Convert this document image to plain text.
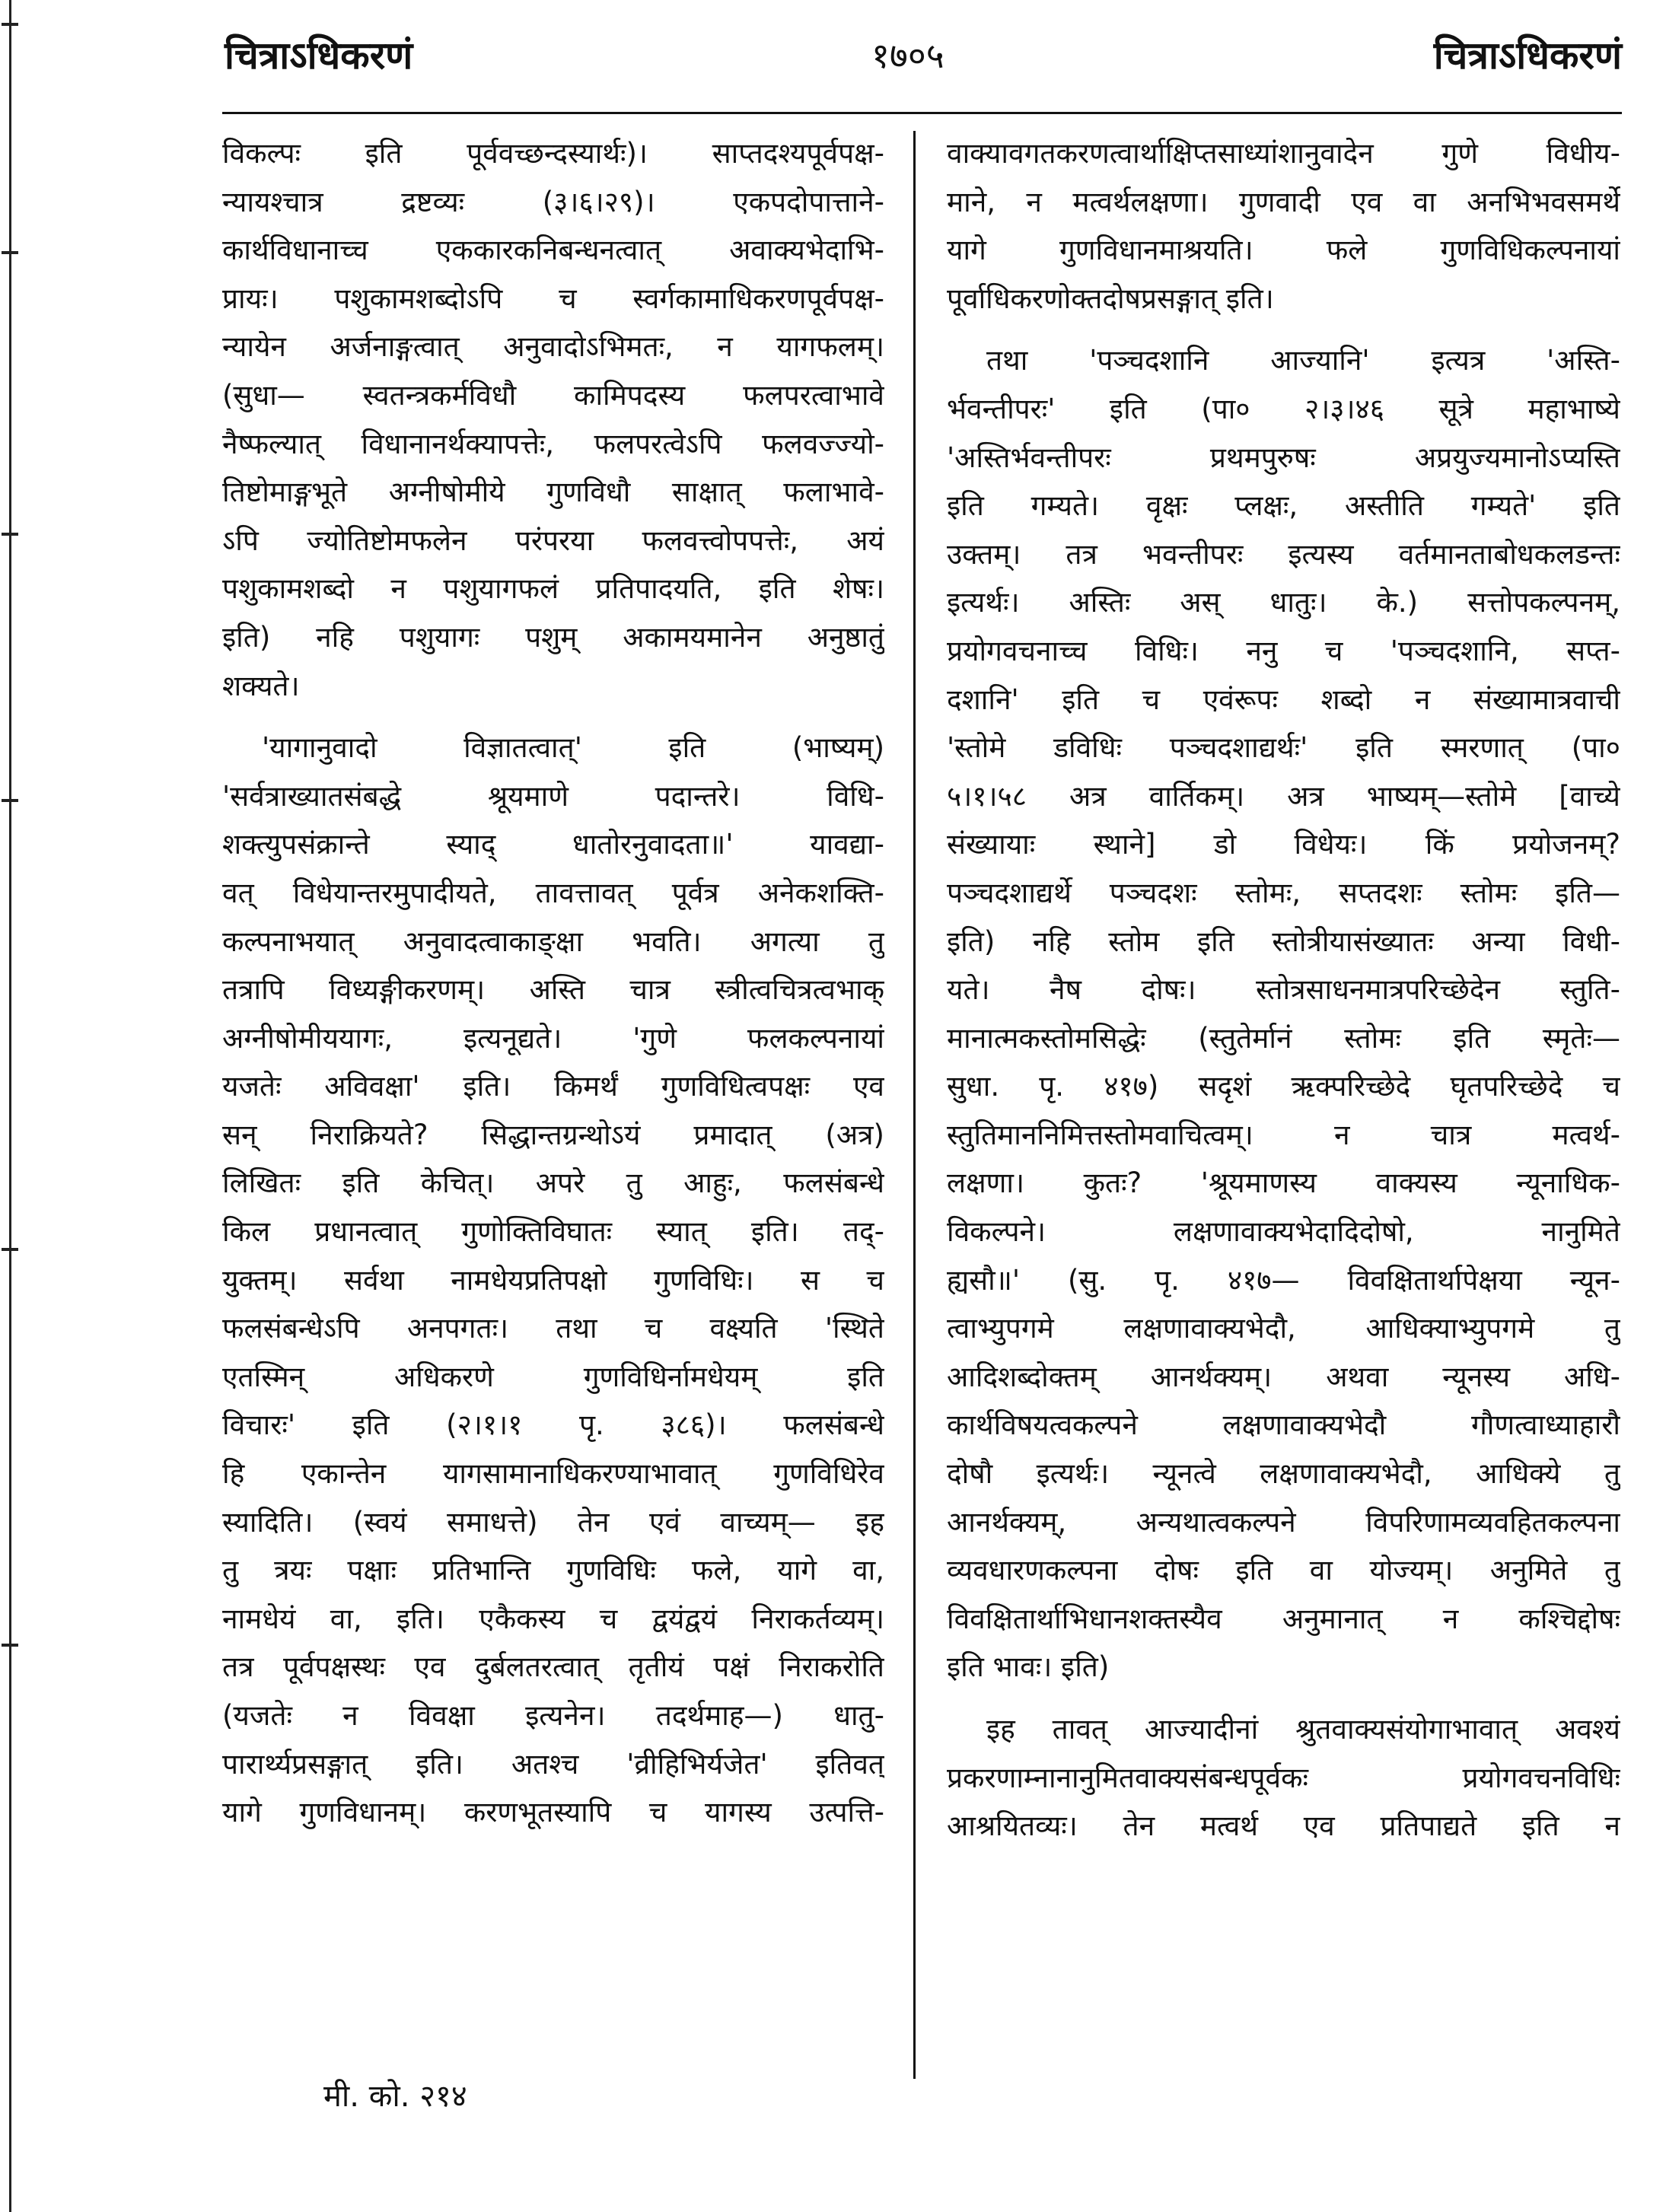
चित्राऽधिकरणं	१७०५	चित्राऽधिकरणं
विकल्पः इति पूर्ववच्छन्दस्यार्थः)। साप्तदश्यपूर्वपक्ष-
न्यायश्चात्र द्रष्टव्यः (३।६।२९)। एकपदोपात्ताने-
कार्थविधानाच्च एककारकनिबन्धनत्वात् अवाक्यभेदाभि-
प्रायः। पशुकामशब्दोऽपि च स्वर्गकामाधिकरणपूर्वपक्ष-
न्यायेन अर्जनाङ्गत्वात् अनुवादोऽभिमतः, न यागफलम्।
(सुधा— स्वतन्त्रकर्मविधौ कामिपदस्य फलपरत्वाभावे
नैष्फल्यात् विधानानर्थक्यापत्तेः, फलपरत्वेऽपि फलवज्ज्यो-
तिष्टोमाङ्गभूते अग्नीषोमीये गुणविधौ साक्षात् फलाभावे-
ऽपि ज्योतिष्टोमफलेन परंपरया फलवत्त्वोपपत्तेः, अयं
पशुकामशब्दो न पशुयागफलं प्रतिपादयति, इति शेषः।
इति) नहि पशुयागः पशुम् अकामयमानेन अनुष्ठातुं
शक्यते।
'यागानुवादो विज्ञातत्वात्' इति (भाष्यम्)
'सर्वत्राख्यातसंबद्धे श्रूयमाणे पदान्तरे। विधि-
शक्त्युपसंक्रान्ते स्याद् धातोरनुवादता॥' यावद्या-
वत् विधेयान्तरमुपादीयते, तावत्तावत् पूर्वत्र अनेकशक्ति-
कल्पनाभयात् अनुवादत्वाकाङ्क्षा भवति। अगत्या तु
तत्रापि विध्यङ्गीकरणम्। अस्ति चात्र स्त्रीत्वचित्रत्वभाक्
अग्नीषोमीययागः, इत्यनूद्यते। 'गुणे फलकल्पनायां
यजतेः अविवक्षा' इति। किमर्थं गुणविधित्वपक्षः एव
सन् निराक्रियते? सिद्धान्तग्रन्थोऽयं प्रमादात् (अत्र)
लिखितः इति केचित्। अपरे तु आहुः, फलसंबन्धे
किल प्रधानत्वात् गुणोक्तिविघातः स्यात् इति। तद्-
युक्तम्। सर्वथा नामधेयप्रतिपक्षो गुणविधिः। स च
फलसंबन्धेऽपि अनपगतः। तथा च वक्ष्यति 'स्थिते
एतस्मिन् अधिकरणे गुणविधिर्नामधेयम् इति
विचारः' इति (२।१।१ पृ. ३८६)। फलसंबन्धे
हि एकान्तेन यागसामानाधिकरण्याभावात् गुणविधिरेव
स्यादिति। (स्वयं समाधत्ते) तेन एवं वाच्यम्— इह
तु त्रयः पक्षाः प्रतिभान्ति गुणविधिः फले, यागे वा,
नामधेयं वा, इति। एकैकस्य च द्वयंद्वयं निराकर्तव्यम्।
तत्र पूर्वपक्षस्थः एव दुर्बलतरत्वात् तृतीयं पक्षं निराकरोति
(यजतेः न विवक्षा इत्यनेन। तदर्थमाह—) धातु-
पारार्थ्यप्रसङ्गात् इति। अतश्च 'व्रीहिभिर्यजेत' इतिवत्
यागे गुणविधानम्। करणभूतस्यापि च यागस्य उत्पत्ति-
वाक्यावगतकरणत्वार्थाक्षिप्तसाध्यांशानुवादेन गुणे विधीय-
माने, न मत्वर्थलक्षणा। गुणवादी एव वा अनभिभवसमर्थे
यागे गुणविधानमाश्रयति। फले गुणविधिकल्पनायां
पूर्वाधिकरणोक्तदोषप्रसङ्गात् इति।
तथा 'पञ्चदशानि आज्यानि' इत्यत्र 'अस्ति-
र्भवन्तीपरः' इति (पा० २।३।४६ सूत्रे महाभाष्ये
'अस्तिर्भवन्तीपरः प्रथमपुरुषः अप्रयुज्यमानोऽप्यस्ति
इति गम्यते। वृक्षः प्लक्षः, अस्तीति गम्यते' इति
उक्तम्। तत्र भवन्तीपरः इत्यस्य वर्तमानताबोधकलडन्तः
इत्यर्थः। अस्तिः अस् धातुः। के.) सत्तोपकल्पनम्,
प्रयोगवचनाच्च विधिः। ननु च 'पञ्चदशानि, सप्त-
दशानि' इति च एवंरूपः शब्दो न संख्यामात्रवाची
'स्तोमे डविधिः पञ्चदशाद्यर्थः' इति स्मरणात् (पा०
५।१।५८ अत्र वार्तिकम्। अत्र भाष्यम्—स्तोमे [वाच्ये
संख्यायाः स्थाने] डो विधेयः। किं प्रयोजनम्?
पञ्चदशाद्यर्थे पञ्चदशः स्तोमः, सप्तदशः स्तोमः इति—
इति) नहि स्तोम इति स्तोत्रीयासंख्यातः अन्या विधी-
यते। नैष दोषः। स्तोत्रसाधनमात्रपरिच्छेदेन स्तुति-
मानात्मकस्तोमसिद्धेः (स्तुतेर्मानं स्तोमः इति स्मृतेः—
सुधा. पृ. ४१७) सदृशं ऋक्परिच्छेदे घृतपरिच्छेदे च
स्तुतिमाननिमित्तस्तोमवाचित्वम्। न चात्र मत्वर्थ-
लक्षणा। कुतः? 'श्रूयमाणस्य वाक्यस्य न्यूनाधिक-
विकल्पने। लक्षणावाक्यभेदादिदोषो, नानुमिते
ह्यसौ॥' (सु. पृ. ४१७— विवक्षितार्थापेक्षया न्यून-
त्वाभ्युपगमे लक्षणावाक्यभेदौ, आधिक्याभ्युपगमे तु
आदिशब्दोक्तम् आनर्थक्यम्। अथवा न्यूनस्य अधि-
कार्थविषयत्वकल्पने लक्षणावाक्यभेदौ गौणत्वाध्याहारौ
दोषौ इत्यर्थः। न्यूनत्वे लक्षणावाक्यभेदौ, आधिक्ये तु
आनर्थक्यम्, अन्यथात्वकल्पने विपरिणामव्यवहितकल्पना
व्यवधारणकल्पना दोषः इति वा योज्यम्। अनुमिते तु
विवक्षितार्थाभिधानशक्तस्यैव अनुमानात् न कश्चिद्दोषः
इति भावः। इति)
इह तावत् आज्यादीनां श्रुतवाक्यसंयोगाभावात् अवश्यं
प्रकरणाम्नानानुमितवाक्यसंबन्धपूर्वकः प्रयोगवचनविधिः
आश्रयितव्यः। तेन मत्वर्थ एव प्रतिपाद्यते इति न
मी. को. २१४
